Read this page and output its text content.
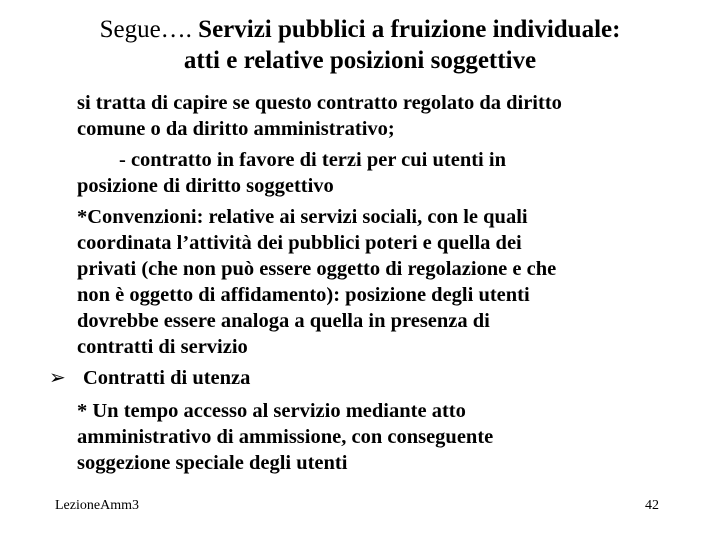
Segue…. Servizi pubblici a fruizione individuale:
atti e relative posizioni soggettive
si tratta di capire se questo contratto regolato da diritto
comune o da diritto amministrativo;
- contratto in favore di terzi per cui utenti in
posizione di diritto soggettivo
*Convenzioni: relative ai servizi sociali, con le quali
coordinata l’attività dei pubblici poteri e quella dei
privati (che non può essere oggetto di regolazione e che
non è oggetto di affidamento): posizione degli utenti
dovrebbe essere analoga a quella in presenza di
contratti di servizio
Contratti di utenza
* Un tempo accesso al servizio mediante atto
amministrativo di ammissione, con conseguente
soggezione speciale degli utenti
➢
LezioneAmm3	42
